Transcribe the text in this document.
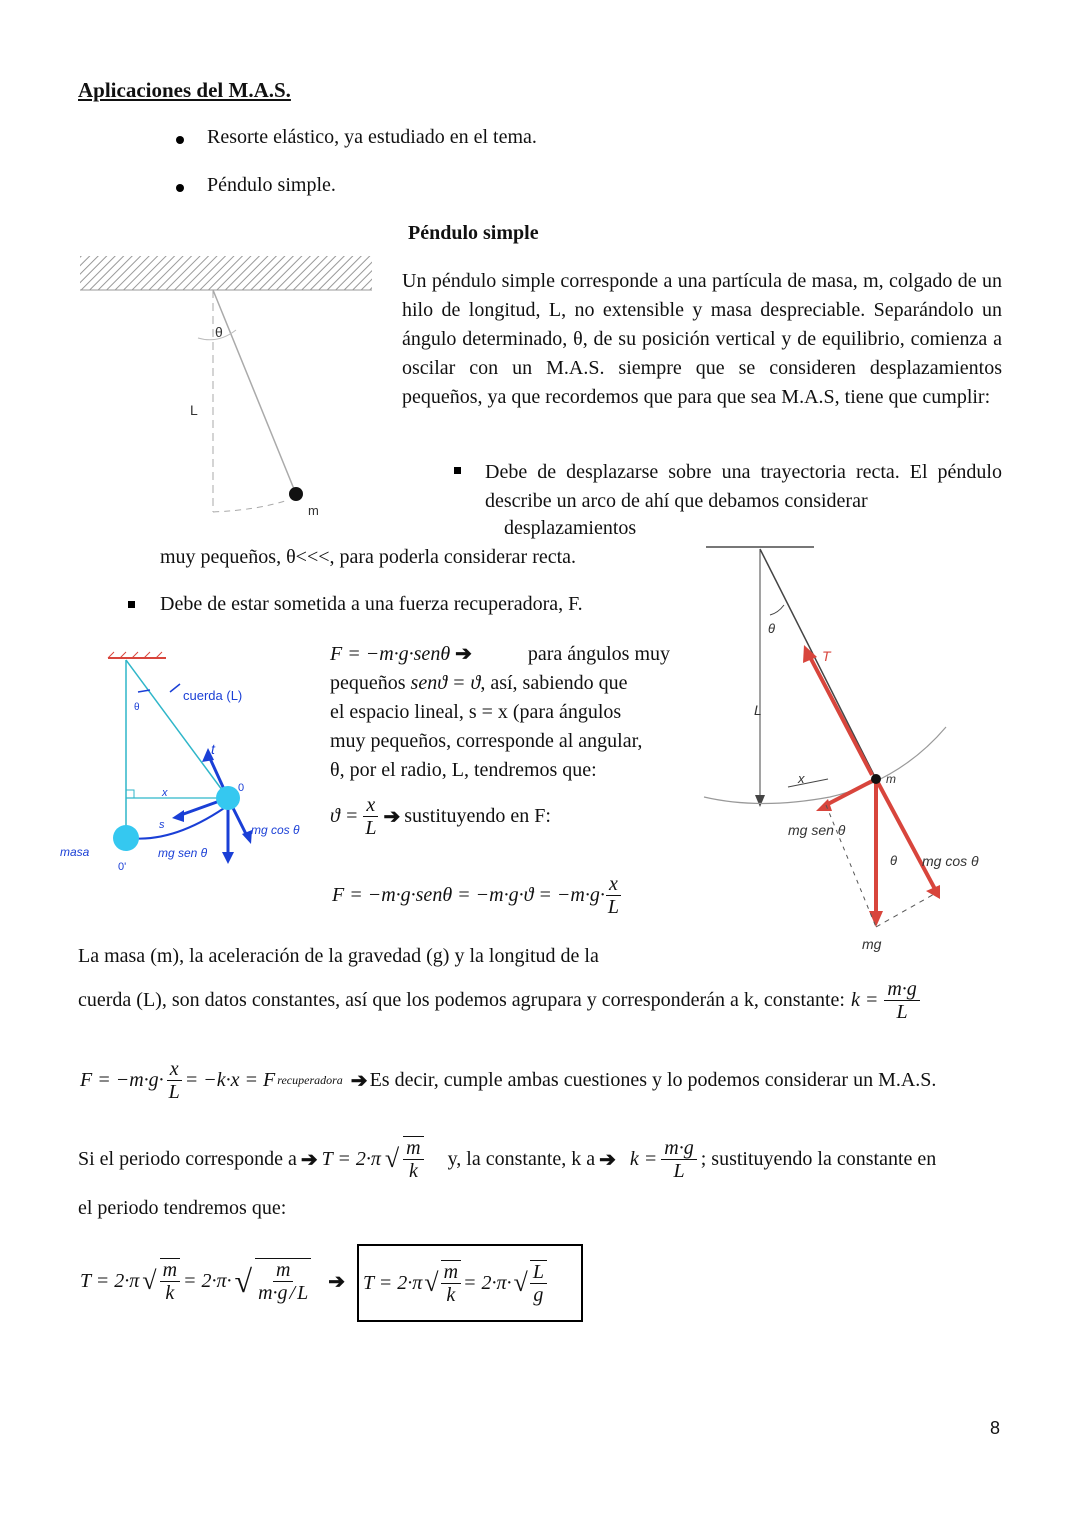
Aplicaciones del M.A.S.
Resorte elástico, ya estudiado en el tema.
Péndulo simple.
Péndulo simple
θ
L
m
Un péndulo simple corresponde a una partícula de masa, m, colgado de un hilo de longitud, L, no extensible y masa despreciable. Separándolo un ángulo determinado, θ, de su posición vertical y de equilibrio, comienza a oscilar con un M.A.S. siempre que se consideren desplazamientos pequeños, ya que recordemos que para que sea M.A.S, tiene que cumplir:
Debe de desplazarse sobre una trayectoria recta. El péndulo describe un arco de ahí que debamos considerar
desplazamientos
muy pequeños, θ<<<, para poderla considerar recta.
Debe de estar sometida a una fuerza recuperadora, F.
cuerda (L)
θ
t
x
s
0
mg cos θ
masa
0'
mg sen θ
F = −m·g·senθ ➔	para ángulos muy
pequeños senϑ = ϑ, así, sabiendo que
el espacio lineal, s = x (para ángulos
muy pequeños, corresponde al angular,
θ, por el radio, L, tendremos que:
$ϑ = \frac{x}{L}$ ➔ sustituyendo en F:
$F = -m\cdot g\cdot sen\theta = -m\cdot g\cdot ϑ = -m\cdot g\cdot \frac{x}{L}$
θ
T
L
x	m
mg sen θ
θ mg cos θ
mg
La masa (m), la aceleración de la gravedad (g) y la longitud de la
cuerda (L), son datos constantes, así que los podemos agrupara y corresponderán a k, constante: $k = \frac{m\cdot g}{L}$
$F = -m\cdot g\cdot \frac{x}{L} = -k\cdot x = F$ recuperadora ➔ Es decir, cumple ambas cuestiones y lo podemos considerar un M.A.S.
Si el periodo corresponde a ➔ T = 2·π √ $\frac{m}{k} y$, la constante, k a ➔ $k = \frac{m\cdot g}{L}$ ; sustituyendo la constante en
el periodo tendremos que:
T = 2·π √ $\frac{m}{k} = 2\cdot\pi\cdot$ √ $\frac{m}{m\cdot g / L}$ ➔ T = 2·π √ $\frac{m}{k} = 2\cdot\pi\cdot$ √ $\frac{L}{g}$
8
